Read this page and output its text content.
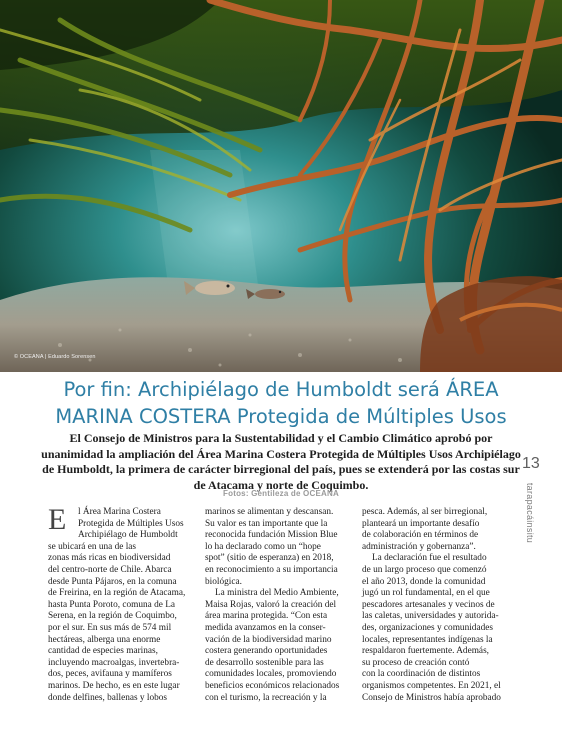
© OCEANA | Eduardo Sorensen
Por fin: Archipiélago de Humboldt será ÁREA
MARINA COSTERA Protegida de Múltiples Usos
El Consejo de Ministros para la Sustentabilidad y el Cambio Climático aprobó por unanimidad la ampliación del Área Marina Costera Protegida de Múltiples Usos Archipiélago de Humboldt, la primera de carácter birregional del país, pues se extenderá por las costas sur de Atacama y norte de Coquimbo.
Fotos: Gentileza de OCEANA
13
tarapacáinsitu
E	l Área Marina Costera
Protegida de Múltiples Usos
Archipiélago de Humboldt
se ubicará en una de las
zonas más ricas en biodiversidad
del centro-norte de Chile. Abarca
desde Punta Pájaros, en la comuna
de Freirina, en la región de Atacama,
hasta Punta Poroto, comuna de La
Serena, en la región de Coquimbo,
por el sur. En sus más de 574 mil
hectáreas, alberga una enorme
cantidad de especies marinas,
incluyendo macroalgas, invertebra-
dos, peces, avifauna y mamíferos
marinos. De hecho, es en este lugar
donde delfines, ballenas y lobos
marinos se alimentan y descansan.
Su valor es tan importante que la
reconocida fundación Mission Blue
lo ha declarado como un “hope
spot” (sitio de esperanza) en 2018,
en reconocimiento a su importancia
biológica.
La ministra del Medio Ambiente,
Maisa Rojas, valoró la creación del
área marina protegida. “Con esta
medida avanzamos en la conser-
vación de la biodiversidad marino
costera generando oportunidades
de desarrollo sostenible para las
comunidades locales, promoviendo
beneficios económicos relacionados
con el turismo, la recreación y la
pesca. Además, al ser birregional,
planteará un importante desafío
de colaboración en términos de
administración y gobernanza”.
La declaración fue el resultado
de un largo proceso que comenzó
el año 2013, donde la comunidad
jugó un rol fundamental, en el que
pescadores artesanales y vecinos de
las caletas, universidades y autorida-
des, organizaciones y comunidades
locales, representantes indígenas la
respaldaron fuertemente. Además,
su proceso de creación contó
con la coordinación de distintos
organismos competentes. En 2021, el
Consejo de Ministros había aprobado
